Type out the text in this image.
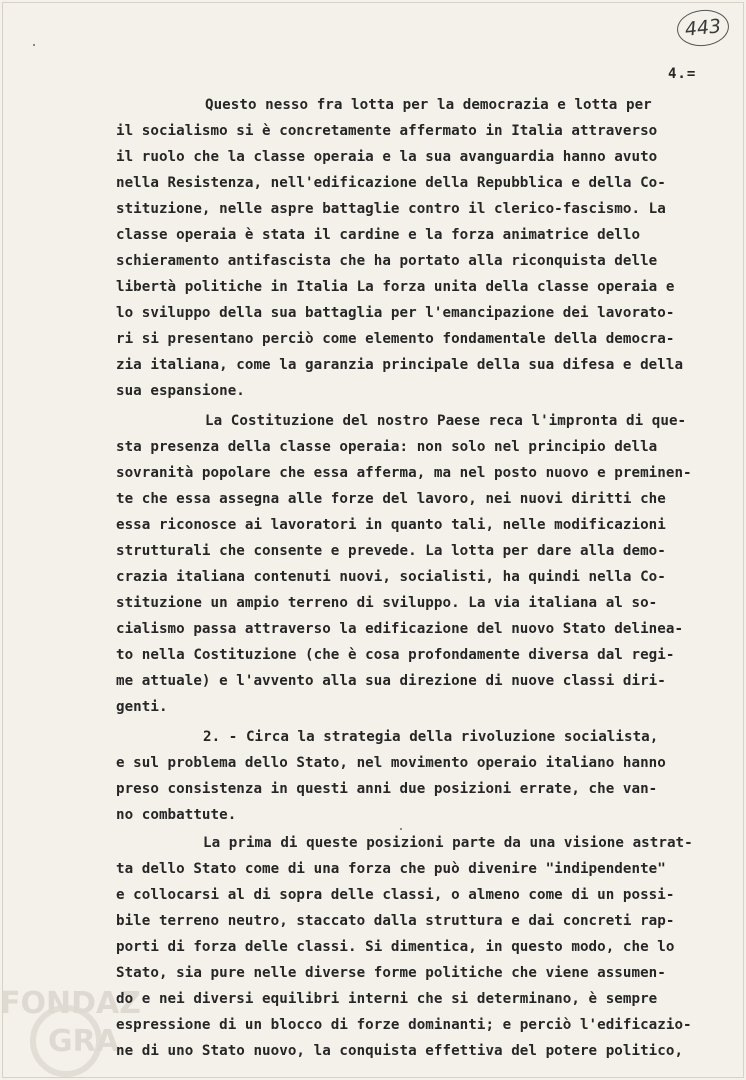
FONDAZ
GRA
443
4.=
Questo nesso fra lotta per la democrazia e lotta per
il socialismo si è concretamente affermato in Italia attraverso
il ruolo che la classe operaia e la sua avanguardia hanno avuto
nella Resistenza, nell'edificazione della Repubblica e della Co-
stituzione, nelle aspre battaglie contro il clerico-fascismo. La
classe operaia è stata il cardine e la forza animatrice dello
schieramento antifascista che ha portato alla riconquista delle
libertà politiche in Italia La forza unita della classe operaia e
lo sviluppo della sua battaglia per l'emancipazione dei lavorato-
ri si presentano perciò come elemento fondamentale della democra-
zia italiana, come la garanzia principale della sua difesa e della
sua espansione.
La Costituzione del nostro Paese reca l'impronta di que-
sta presenza della classe operaia: non solo nel principio della
sovranità popolare che essa afferma, ma nel posto nuovo e preminen-
te che essa assegna alle forze del lavoro, nei nuovi diritti che
essa riconosce ai lavoratori in quanto tali, nelle modificazioni
strutturali che consente e prevede. La lotta per dare alla demo-
crazia italiana contenuti nuovi, socialisti, ha quindi nella Co-
stituzione un ampio terreno di sviluppo. La via italiana al so-
cialismo passa attraverso la edificazione del nuovo Stato delinea-
to nella Costituzione (che è cosa profondamente diversa dal regi-
me attuale) e l'avvento alla sua direzione di nuove classi diri-
genti.
2. - Circa la strategia della rivoluzione socialista,
e sul problema dello Stato, nel movimento operaio italiano hanno
preso consistenza in questi anni due posizioni errate, che van-
no combattute.
La prima di queste posizioni parte da una visione astrat-
ta dello Stato come di una forza che può divenire "indipendente"
e collocarsi al di sopra delle classi, o almeno come di un possi-
bile terreno neutro, staccato dalla struttura e dai concreti rap-
porti di forza delle classi. Si dimentica, in questo modo, che lo
Stato, sia pure nelle diverse forme politiche che viene assumen-
do e nei diversi equilibri interni che si determinano, è sempre
espressione di un blocco di forze dominanti; e perciò l'edificazio-
ne di uno Stato nuovo, la conquista effettiva del potere politico,
